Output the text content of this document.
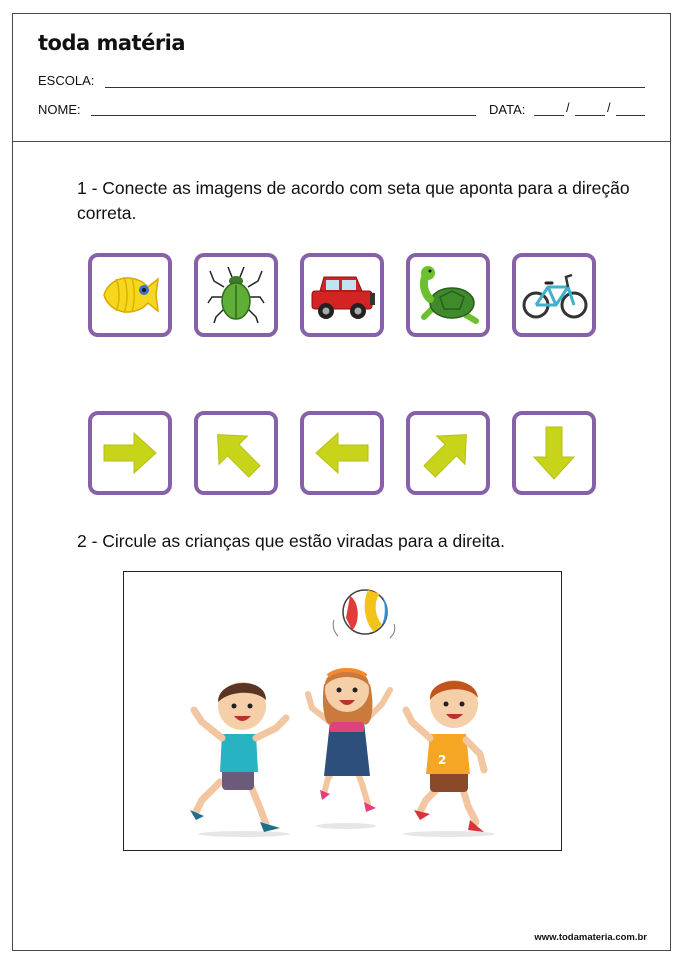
toda matéria
ESCOLA:
NOME:	DATA:	/	/
1 - Conecte as imagens de acordo com seta que aponta para a direção correta.
2 - Circule as crianças que estão viradas para a direita.
2
www.todamateria.com.br
